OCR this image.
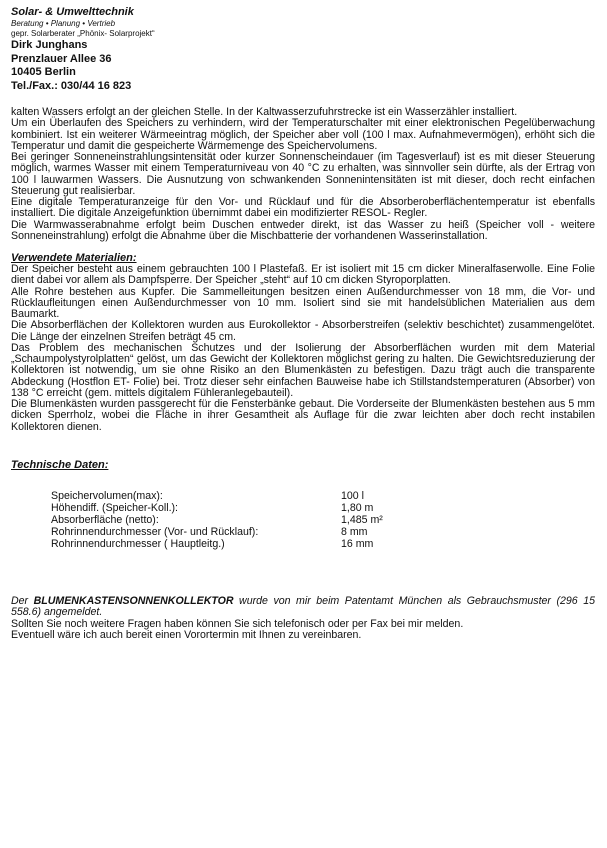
Solar- & Umwelttechnik
Beratung • Planung • Vertrieb
gepr. Solarberater „Phönix- Solarprojekt“
Dirk Junghans
Prenzlauer Allee 36
10405 Berlin
Tel./Fax.: 030/44 16 823

kalten Wassers erfolgt an der gleichen Stelle. In der Kaltwasserzufuhrstrecke ist ein Wasserzähler installiert.

Um ein Überlaufen des Speichers zu verhindern, wird der Temperaturschalter mit einer elektronischen Pegelüberwachung kombiniert. Ist ein weiterer Wärmeeintrag möglich, der Speicher aber voll (100 l max. Aufnahmevermögen), erhöht sich die Temperatur und damit die gespeicherte Wärmemenge des Speichervolumens.

Bei geringer Sonneneinstrahlungsintensität oder kurzer Sonnenscheindauer (im Tagesverlauf) ist es mit dieser Steuerung möglich, warmes Wasser mit einem Temperaturniveau von 40 °C zu erhalten, was sinnvoller sein dürfte, als der Ertrag von 100 l lauwarmen Wassers. Die Ausnutzung von schwankenden Sonnenintensitäten ist mit dieser, doch recht einfachen Steuerung gut realisierbar.

Eine digitale Temperaturanzeige für den Vor- und Rücklauf und für die Absorberoberflächentemperatur ist ebenfalls installiert. Die digitale Anzeigefunktion übernimmt dabei ein modifizierter RESOL- Regler.

Die Warmwasserabnahme erfolgt beim Duschen entweder direkt, ist das Wasser zu heiß (Speicher voll - weitere Sonneneinstrahlung) erfolgt die Abnahme über die Mischbatterie der vorhandenen Wasserinstallation.

Verwendete Materialien:

Der Speicher besteht aus einem gebrauchten 100 l Plastefaß. Er ist isoliert mit 15 cm dicker Mineralfaserwolle. Eine Folie dient dabei vor allem als Dampfsperre. Der Speicher „steht“ auf 10 cm dicken Styroporplatten.

Alle Rohre bestehen aus Kupfer. Die Sammelleitungen besitzen einen Außendurchmesser von 18 mm, die Vor- und Rücklaufleitungen einen Außendurchmesser von 10 mm. Isoliert sind sie mit handelsüblichen Materialien aus dem Baumarkt.

Die Absorberflächen der Kollektoren wurden aus Eurokollektor - Absorberstreifen (selektiv beschichtet) zusammengelötet. Die Länge der einzelnen Streifen beträgt 45 cm.

Das Problem des mechanischen Schutzes und der Isolierung der Absorberflächen wurden mit dem Material „Schaumpolystyrolplatten“ gelöst, um das Gewicht der Kollektoren möglichst gering zu halten. Die Gewichtsreduzierung der Kollektoren ist notwendig, um sie ohne Risiko an den Blumenkästen zu befestigen. Dazu trägt auch die transparente Abdeckung (Hostflon ET- Folie) bei. Trotz dieser sehr einfachen Bauweise habe ich Stillstandstemperaturen (Absorber) von 138 °C erreicht (gem. mittels digitalem Fühleranlegebauteil).

Die Blumenkästen wurden passgerecht für die Fensterbänke gebaut. Die Vorderseite der Blumenkästen bestehen aus 5 mm dicken Sperrholz, wobei die Fläche in ihrer Gesamtheit als Auflage für die zwar leichten aber doch recht instabilen Kollektoren dienen.

Technische Daten:
Speichervolumen(max):	100 l
Höhendiff. (Speicher-Koll.):	1,80 m
Absorberfläche (netto):	1,485 m²
Rohrinnendurchmesser (Vor- und Rücklauf):	8 mm
Rohrinnendurchmesser ( Hauptleitg.)	16 mm

Der BLUMENKASTENSONNENKOLLEKTOR wurde von mir beim Patentamt München als Gebrauchsmuster (296 15 558.6) angemeldet.

Sollten Sie noch weitere Fragen haben können Sie sich telefonisch oder per Fax bei mir melden.

Eventuell wäre ich auch bereit einen Vorortermin mit Ihnen zu vereinbaren.
